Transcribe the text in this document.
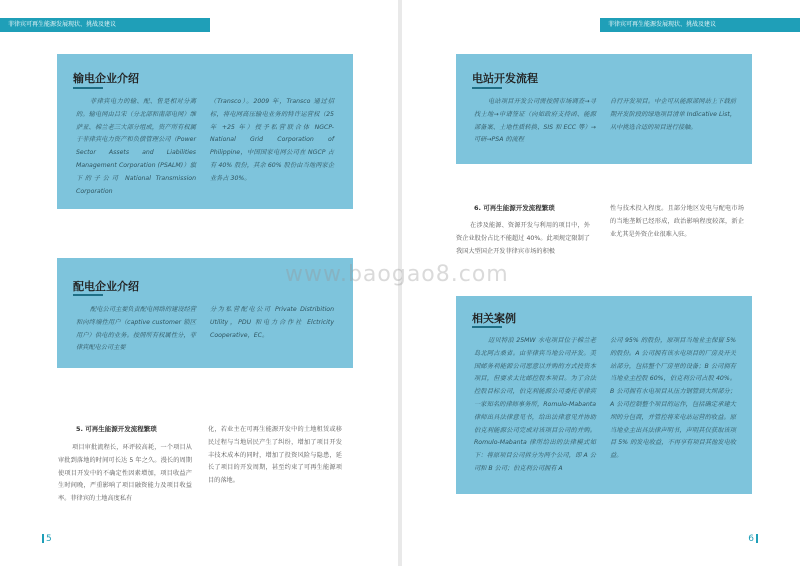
菲律宾可再生能源发展现状、挑战及建议
输电企业介绍
菲律宾电力的输、配、售是相对分离的。输电网由吕宋（分北部和南部电网）维萨亚、棉兰老三大部分组成，资产所有权属于菲律宾电力资产和负债管理公司（Power Sector Assets and Liabilities Management Corporation (PSALM)）旗下的子公司 National Transmission Corporation
（Transco）。2009 年，Transco 通过招标，将电网高压输电业务的特许运营权（25 年 +25 年）授予私营联合体 NGCP-National Grid Corporation of Philippine，中国国家电网公司在 NGCP 占有 40% 股份，其余 60% 股份由当地两家企业各占 30%。
配电企业介绍
配电公司主要负责配电网络的建设经营和向终端性用户（captive customer 锁区用户）供电的业务。按照所有权属性分，菲律宾配电公司主要
分为私营配电公司 Private Distribition Utility，PDU 和电力合作社 Elctricity Cooperative，EC。
5. 可再生能源开发流程繁琐
项目审批流程长，环评较高耗，一个项目从审批到落地的时间可长达 5 年之久。漫长的周期使项目开发中的不确定性因素增加，项目收益产生时间晚，严重影响了项目融资能力及项目收益率。菲律宾的土地高度私有
化，若业主在可再生能源开发中的土地租赁或移民过程与当地居民产生了纠纷，增加了项目开发丰技术成本的同时，增加了投资风险与隐患，延长了项目的开发周期，甚至约束了可再生能源项目的落地。
5
菲律宾可再生能源发展现状、挑战及建议
电站开发流程
电站项目开发公司需按照市场调查→寻找土地→申请签证（向如政府支持函、能源部备案、土地性质转换、SIS 和 ECC 等）→可研→PSA 的流程
自行开发项目。中企可从能源部网站上下载前期开发阶段的绿地项目清单 Indicative List，从中挑选合适的项目进行接触。
6. 可再生能源开发流程繁琐
在涉及能源、资源开发与利用的项目中，外资企业股份占比不能超过 40%。此项规定限制了我国大型国企开发菲律宾市场的积极
性与技术投入程度。且部分地区发电与配电市场的当地垄断已经形成，政治影响程度较深，新企业尤其是外资企业很难入驻。
相关案例
迈贝特浪 25MW 水电项目位于棉兰老岛北阿古桑省。由菲律宾当地公司开发。美国邮务利能源公司愿意以并购的方式投资本项目，但要求太比邮控股本项目。为了合法控股目标公司，伯克利能源公司委托菲律宾一家知名的律师事务所，Romulo-Mabanta 律师出具法律意见书，给出法律意见并协助伯克利能源公司完成对该项目公司的并购。Romulo-Mabanta 律所给出的法律模式如下：将原项目公司拆分为两个公司，即 A 公司和 B 公司；伯克利公司拥有 A
公司 95% 的股份，原项目当地业主保留 5% 的股份。A 公司拥有该水电项目的厂房及开关站部分，包括整个厂房里的设备；B 公司拥有当地业主控股 60%，伯克利公司占股 40%。B 公司拥有水电项目从压力钢管到大坝部分；A 公司控制整个项目的运作，包括确定承建大坝的分包商，并管控将来电站运营的收益。原当地业主出具法律声明书，声明其仅获取该项目 5% 的发电收益，不再享有项目其他发电收益。
6
www.baogao8.com
